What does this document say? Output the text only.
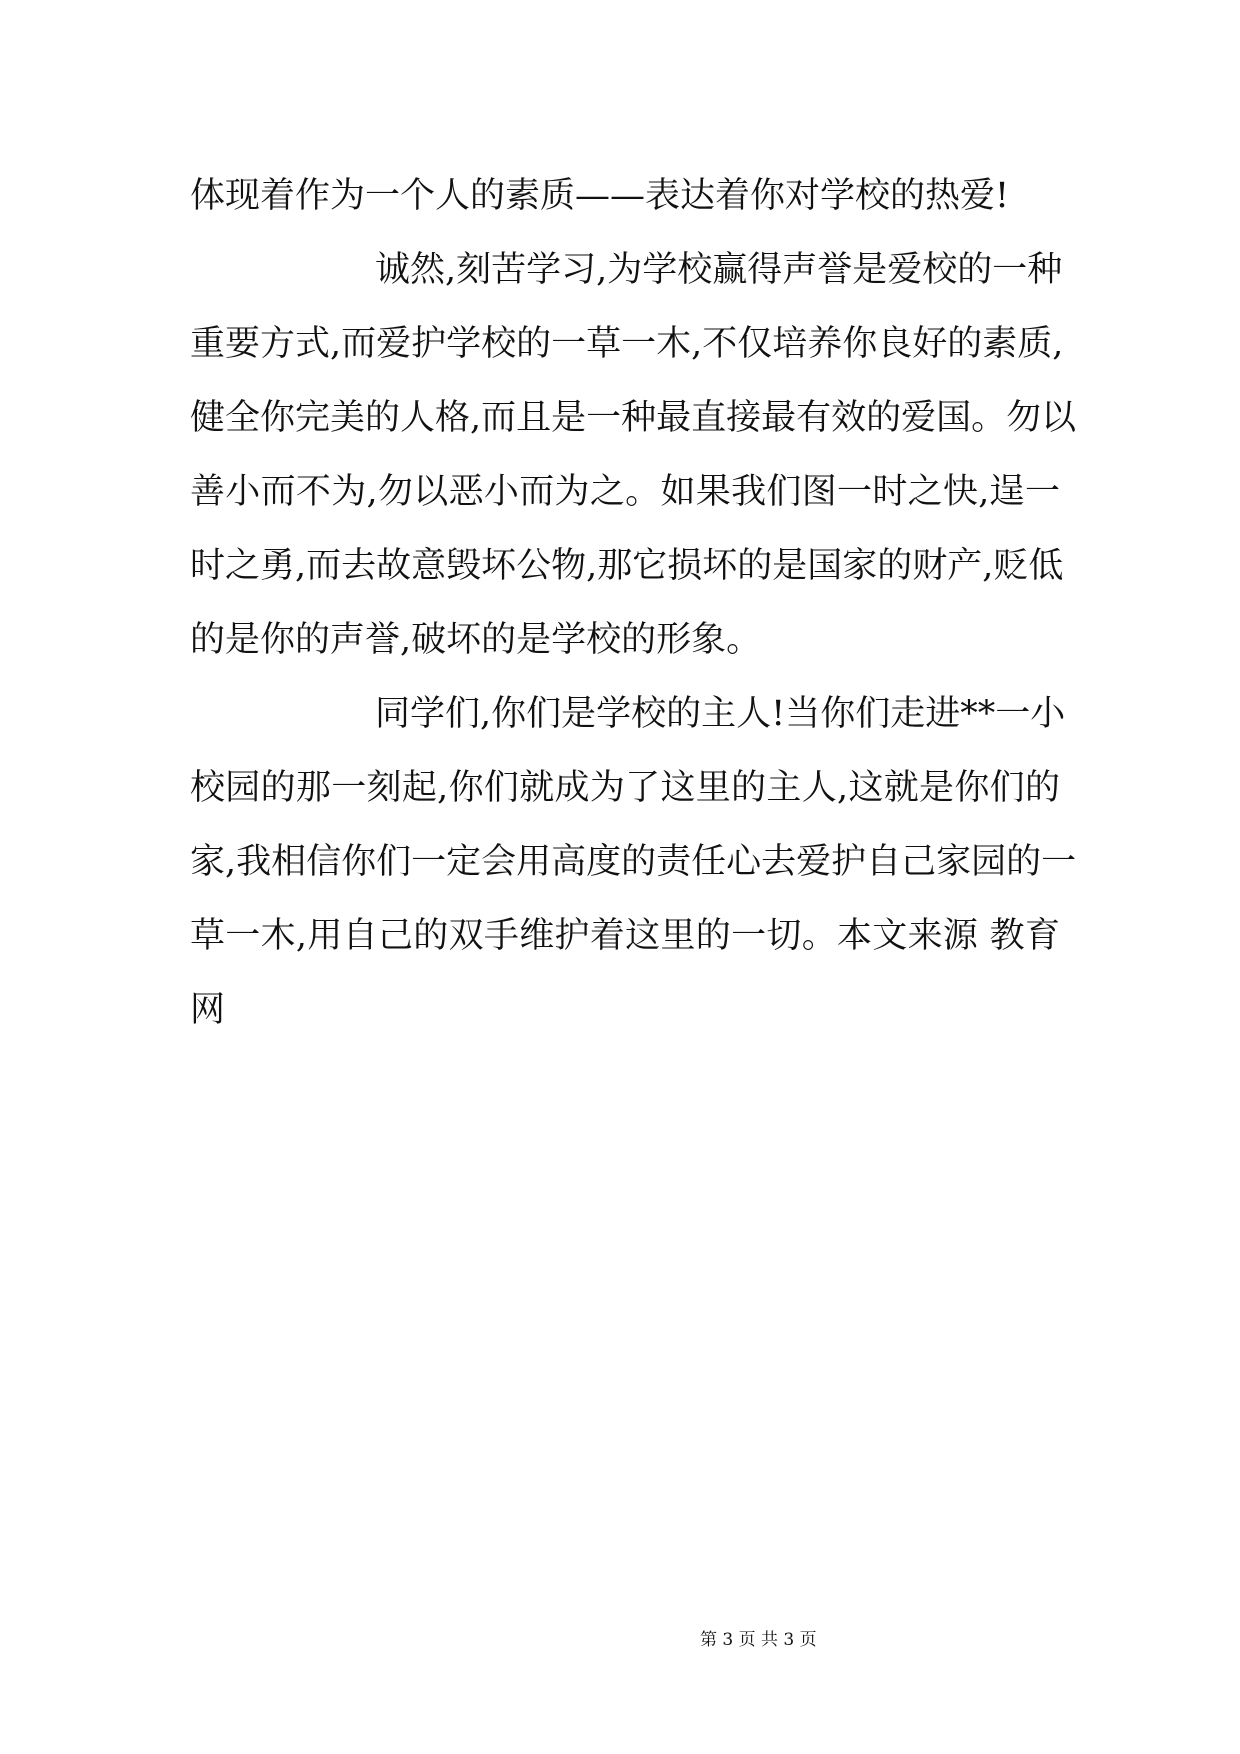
体现着作为一个人的素质——表达着你对学校的热爱!
诚然,刻苦学习,为学校赢得声誉是爱校的一种
重要方式,而爱护学校的一草一木,不仅培养你良好的素质,
健全你完美的人格,而且是一种最直接最有效的爱国。勿以
善小而不为,勿以恶小而为之。如果我们图一时之快,逞一
时之勇,而去故意毁坏公物,那它损坏的是国家的财产,贬低
的是你的声誉,破坏的是学校的形象。
同学们,你们是学校的主人!当你们走进**一小
校园的那一刻起,你们就成为了这里的主人,这就是你们的
家,我相信你们一定会用高度的责任心去爱护自己家园的一
草一木,用自己的双手维护着这里的一切。本文来源 教育
网
第 3 页 共 3 页
